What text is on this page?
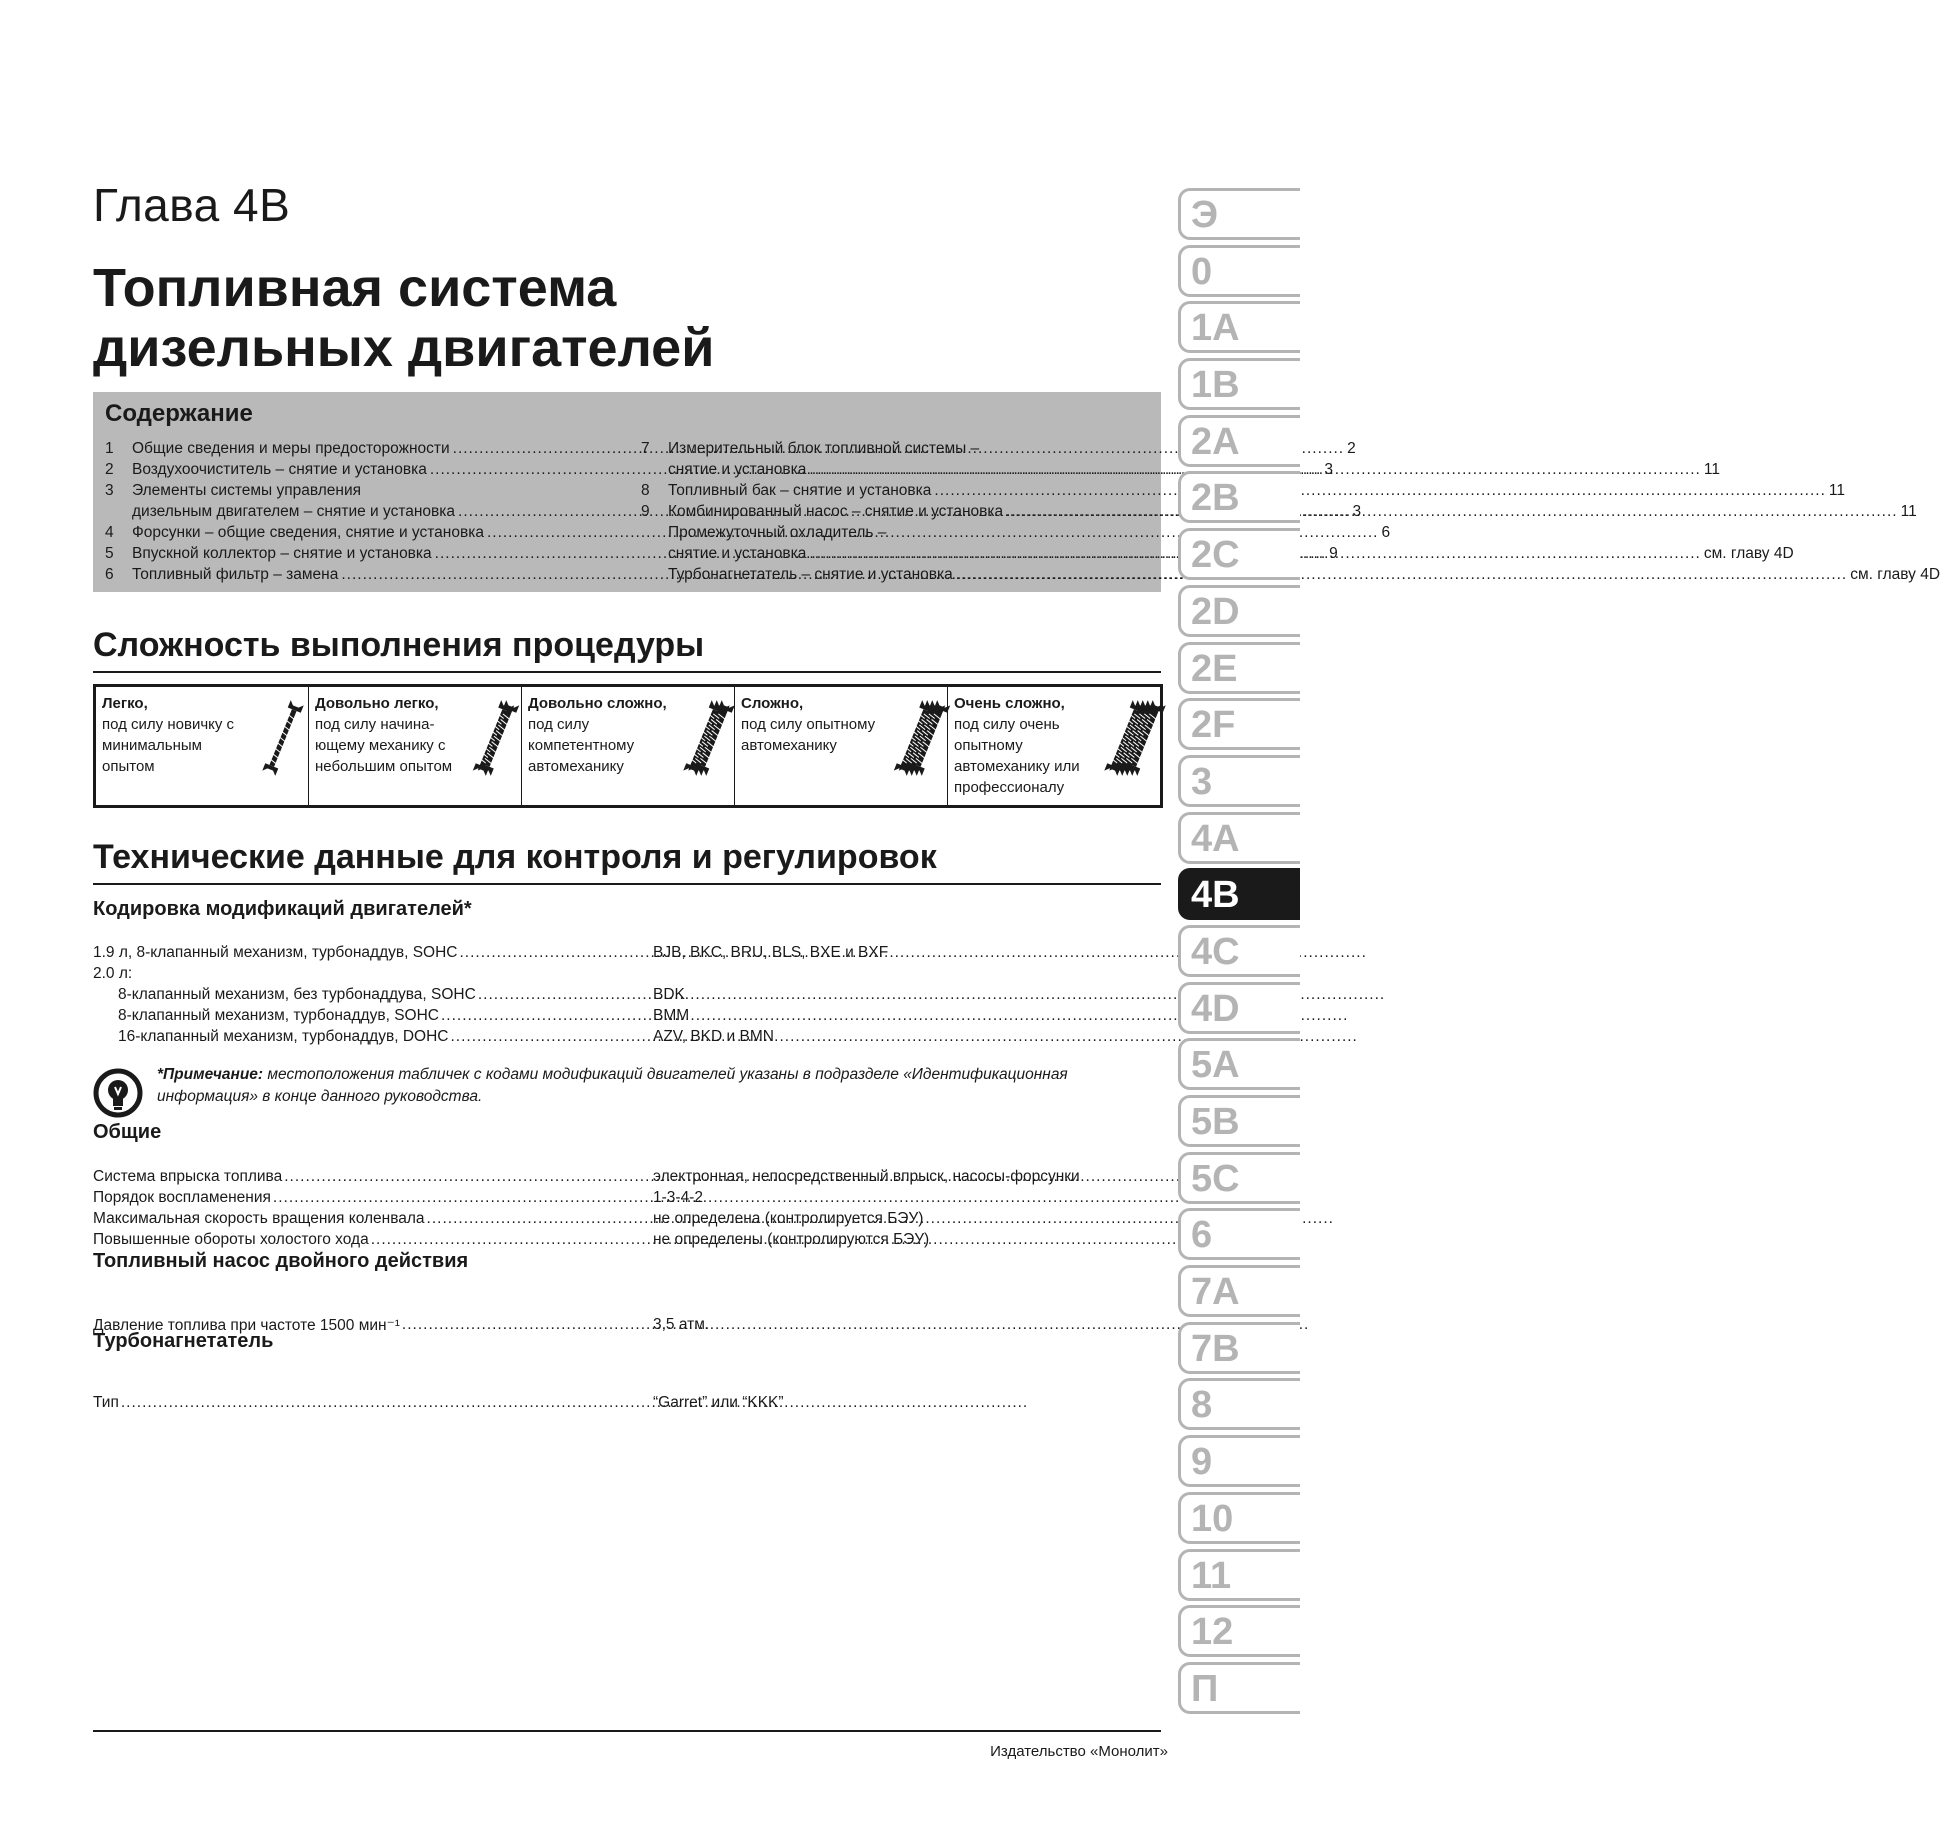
Глава 4B
Топливная система
дизельных двигателей
Содержание
1	Общие сведения и меры предосторожности .....	2
2	Воздухоочиститель – снятие и установка .....	3
3	Элементы системы управления
дизельным двигателем – снятие и установка .....	3
4	Форсунки – общие сведения, снятие и установка .....	6
5	Впускной коллектор – снятие и установка .....	9
6	Топливный фильтр – замена
.....
7	Измерительный блок топливной системы –
снятие и установка .....	11
8	Топливный бак – снятие и установка .....	11
9	Комбинированный насос – снятие и установка .....	11
Промежуточный охладитель –
снятие и установка .....	см. главу 4D
Турбонагнетатель – снятие и установка .....	см. главу 4D
Сложность выполнения процедуры
Легко,
под силу новичку с минимальным опытом
Довольно легко,
под силу начина-ющему механику с небольшим опытом
Довольно сложно,
под силу компетентному автомеханику
Сложно,
под силу опытному автомеханику
Очень сложно,
под силу очень опытному автомеханику или профессионалу
Технические данные для контроля и регулировок
Кодировка модификаций двигателей*
1.9 л, 8-клапанный механизм, турбонаддув, SOHC .....	BJB, BKC, BRU, BLS, BXE и BXF
2.0 л:
8-клапанный механизм, без турбонаддува, SOHC .....	BDK
8-клапанный механизм, турбонаддув, SOHC .....	BMM
16-клапанный механизм, турбонаддув, DOHC .....	AZV, BKD и BMN
*Примечание: местоположения табличек с кодами модификаций двигателей указаны в подразделе «Идентификационная информация» в конце данного руководства.
Общие
Система впрыска топлива .....	электронная, непосредственный впрыск, насосы-форсунки
Порядок воспламенения .....	1-3-4-2
Максимальная скорость вращения коленвала .....	не определена (контролируется БЭУ)
Повышенные обороты холостого хода .....	не определены (контролируются БЭУ)
Топливный насос двойного действия
Давление топлива при частоте 1500 мин⁻¹ .....	3,5 атм.
Турбонагнетатель
Тип .....	“Garret” или “KKK”
Э
0
1A
1B
2A
2B
2C
2D
2E
2F
3
4A
4B
4C
4D
5A
5B
5C
6
7A
7B
8
9
10
11
12
П
Издательство «Монолит»
